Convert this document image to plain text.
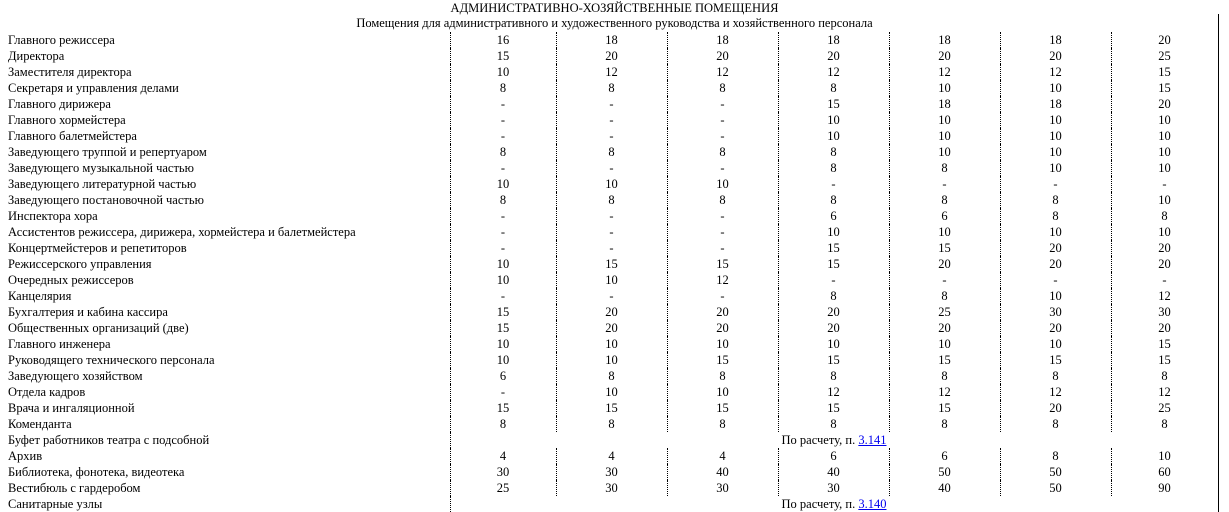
АДМИНИСТРАТИВНО-ХОЗЯЙСТВЕННЫЕ ПОМЕЩЕНИЯ
Помещения для административного и художественного руководства и хозяйственного персонала
Главного режиссера	16	18	18	18	18	18	20
Директора	15	20	20	20	20	20	25
Заместителя директора	10	12	12	12	12	12	15
Секретаря и управления делами	8	8	8	8	10	10	15
Главного дирижера	-	-	-	15	18	18	20
Главного хормейстера	-	-	-	10	10	10	10
Главного балетмейстера	-	-	-	10	10	10	10
Заведующего труппой и репертуаром	8	8	8	8	10	10	10
Заведующего музыкальной частью	-	-	-	8	8	10	10
Заведующего литературной частью	10	10	10	-	-	-	-
Заведующего постановочной частью	8	8	8	8	8	8	10
Инспектора хора	-	-	-	6	6	8	8
Ассистентов режиссера, дирижера, хормейстера и балетмейстера	-	-	-	10	10	10	10
Концертмейстеров и репетиторов	-	-	-	15	15	20	20
Режиссерского управления	10	15	15	15	20	20	20
Очередных режиссеров	10	10	12	-	-	-	-
Канцелярия	-	-	-	8	8	10	12
Бухгалтерия и кабина кассира	15	20	20	20	25	30	30
Общественных организаций (две)	15	20	20	20	20	20	20
Главного инженера	10	10	10	10	10	10	15
Руководящего технического персонала	10	10	15	15	15	15	15
Заведующего хозяйством	6	8	8	8	8	8	8
Отдела кадров	-	10	10	12	12	12	12
Врача и ингаляционной	15	15	15	15	15	20	25
Коменданта	8	8	8	8	8	8	8
Буфет работников театра с подсобной	По расчету, п. 3.141
Архив	4	4	4	6	6	8	10
Библиотека, фонотека, видеотека	30	30	40	40	50	50	60
Вестибюль с гардеробом	25	30	30	30	40	50	90
Санитарные узлы	По расчету, п. 3.140
